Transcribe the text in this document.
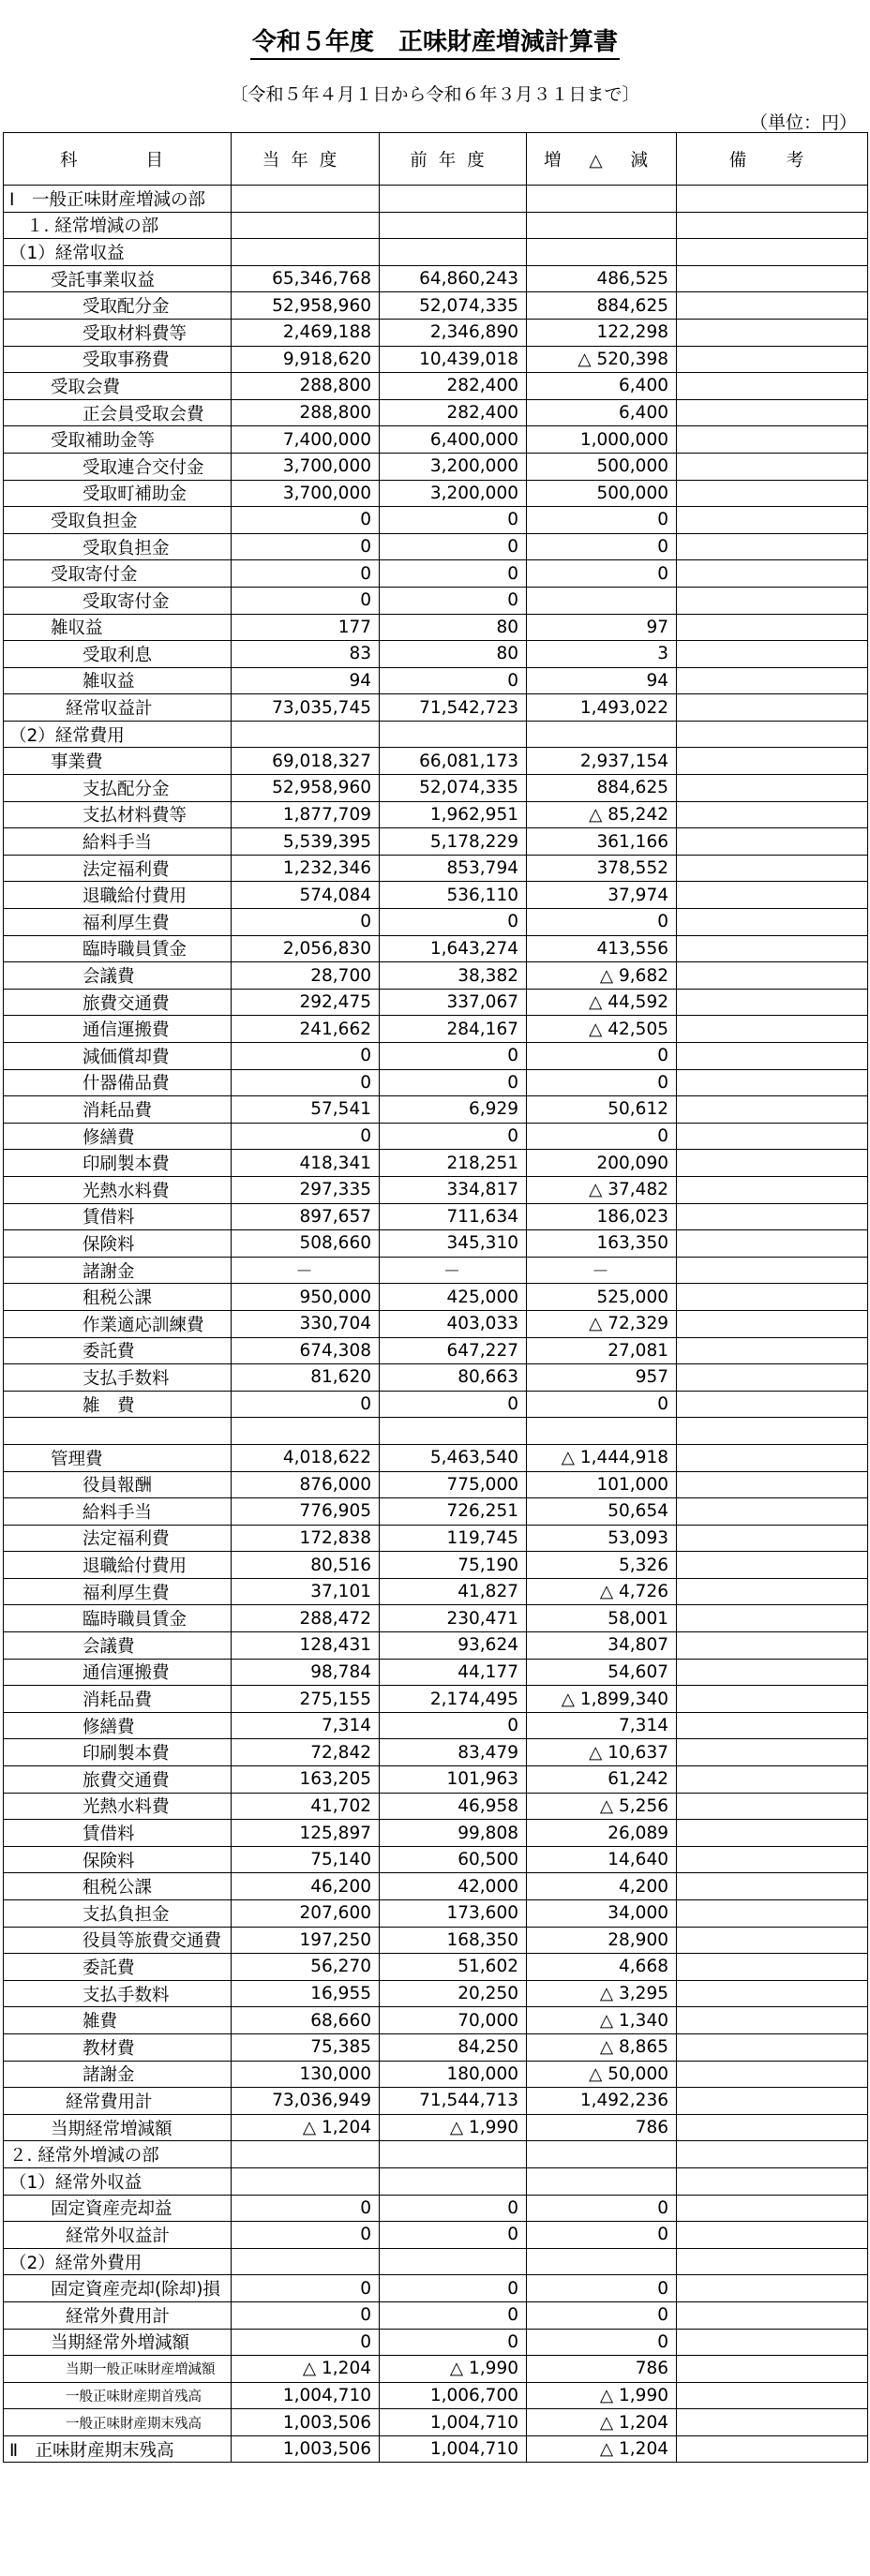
令和５年度　正味財産増減計算書
〔令和５年４月１日から令和６年３月３１日まで〕
（単位：円）
科　　目	当年度	前年度	増 △ 減	備　考
Ⅰ　一般正味財産増減の部				
１. 経常増減の部				
（1）経常収益				
受託事業収益	65,346,768	64,860,243	486,525	
受取配分金	52,958,960	52,074,335	884,625	
受取材料費等	2,469,188	2,346,890	122,298	
受取事務費	9,918,620	10,439,018	△ 520,398	
受取会費	288,800	282,400	6,400	
正会員受取会費	288,800	282,400	6,400	
受取補助金等	7,400,000	6,400,000	1,000,000	
受取連合交付金	3,700,000	3,200,000	500,000	
受取町補助金	3,700,000	3,200,000	500,000	
受取負担金	0	0	0	
受取負担金	0	0	0	
受取寄付金	0	0	0	
受取寄付金	0	0		
雑収益	177	80	97	
受取利息	83	80	3	
雑収益	94	0	94	
経常収益計	73,035,745	71,542,723	1,493,022	
（2）経常費用				
事業費	69,018,327	66,081,173	2,937,154	
支払配分金	52,958,960	52,074,335	884,625	
支払材料費等	1,877,709	1,962,951	△ 85,242	
給料手当	5,539,395	5,178,229	361,166	
法定福利費	1,232,346	853,794	378,552	
退職給付費用	574,084	536,110	37,974	
福利厚生費	0	0	0	
臨時職員賃金	2,056,830	1,643,274	413,556	
会議費	28,700	38,382	△ 9,682	
旅費交通費	292,475	337,067	△ 44,592	
通信運搬費	241,662	284,167	△ 42,505	
減価償却費	0	0	0	
什器備品費	0	0	0	
消耗品費	57,541	6,929	50,612	
修繕費	0	0	0	
印刷製本費	418,341	218,251	200,090	
光熱水料費	297,335	334,817	△ 37,482	
賃借料	897,657	711,634	186,023	
保険料	508,660	345,310	163,350	
諸謝金	－	－	－	
租税公課	950,000	425,000	525,000	
作業適応訓練費	330,704	403,033	△ 72,329	
委託費	674,308	647,227	27,081	
支払手数料	81,620	80,663	957	
雑　費	0	0	0	

管理費	4,018,622	5,463,540	△ 1,444,918	
役員報酬	876,000	775,000	101,000	
給料手当	776,905	726,251	50,654	
法定福利費	172,838	119,745	53,093	
退職給付費用	80,516	75,190	5,326	
福利厚生費	37,101	41,827	△ 4,726	
臨時職員賃金	288,472	230,471	58,001	
会議費	128,431	93,624	34,807	
通信運搬費	98,784	44,177	54,607	
消耗品費	275,155	2,174,495	△ 1,899,340	
修繕費	7,314	0	7,314	
印刷製本費	72,842	83,479	△ 10,637	
旅費交通費	163,205	101,963	61,242	
光熱水料費	41,702	46,958	△ 5,256	
賃借料	125,897	99,808	26,089	
保険料	75,140	60,500	14,640	
租税公課	46,200	42,000	4,200	
支払負担金	207,600	173,600	34,000	
役員等旅費交通費	197,250	168,350	28,900	
委託費	56,270	51,602	4,668	
支払手数料	16,955	20,250	△ 3,295	
雑費	68,660	70,000	△ 1,340	
教材費	75,385	84,250	△ 8,865	
諸謝金	130,000	180,000	△ 50,000	
経常費用計	73,036,949	71,544,713	1,492,236	
当期経常増減額	△ 1,204	△ 1,990	786	
２. 経常外増減の部				
（1）経常外収益				
固定資産売却益	0	0	0	
経常外収益計	0	0	0	
（2）経常外費用				
固定資産売却(除却)損	0	0	0	
経常外費用計	0	0	0	
当期経常外増減額	0	0	0	
当期一般正味財産増減額	△ 1,204	△ 1,990	786	
一般正味財産期首残高	1,004,710	1,006,700	△ 1,990	
一般正味財産期末残高	1,003,506	1,004,710	△ 1,204	
Ⅱ　正味財産期末残高	1,003,506	1,004,710	△ 1,204	
